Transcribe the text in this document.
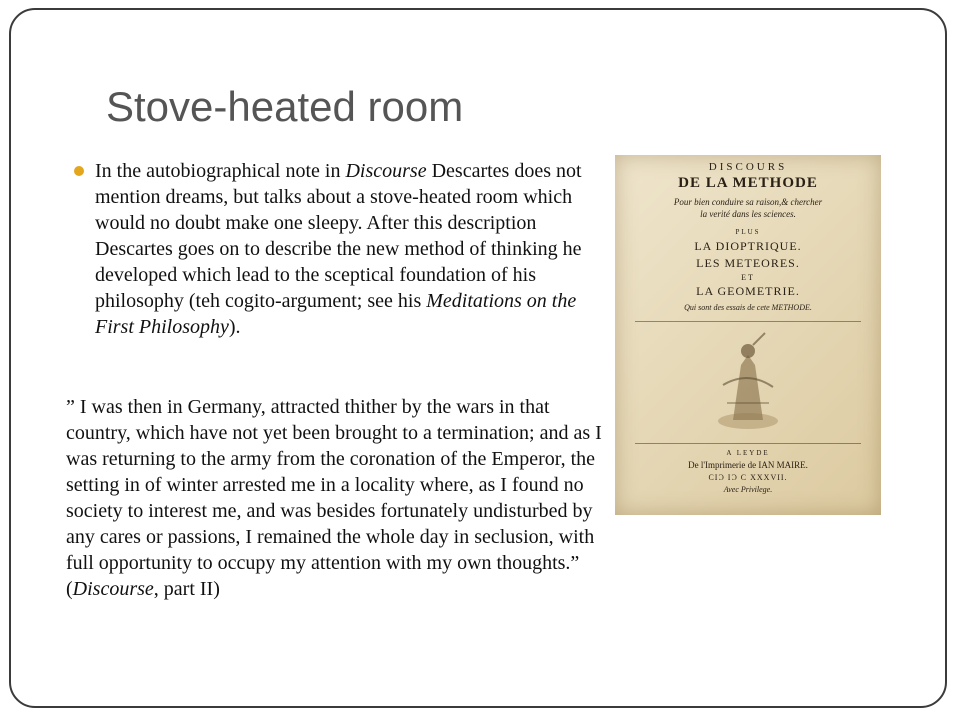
Stove-heated room
In the autobiographical note in Discourse Descartes does not mention dreams, but talks about a stove-heated room which would no doubt make one sleepy. After this description Descartes goes on to describe the new method of thinking he developed which lead to the sceptical foundation of his philosophy (teh cogito-argument; see his Meditations on the First Philosophy).
” I was then in Germany, attracted thither by the wars in that country, which have not yet been brought to a termination; and as I was returning to the army from the coronation of the Emperor, the setting in of winter arrested me in a locality where, as I found no society to interest me, and was besides fortunately undisturbed by any cares or passions, I remained the whole day in seclusion, with full opportunity to occupy my attention with my own thoughts.”
(Discourse, part II)
DISCOURS
DE LA METHODE
Pour bien conduire sa raison,& chercher
la verité dans les sciences.
PLUS
LA DIOPTRIQUE.
LES METEORES.
ET
LA GEOMETRIE.
Qui sont des essais de cete METHODE.
A LEYDE
De l'Imprimerie de IAN MAIRE.
CIƆ IƆ C XXXVII.
Avec Privilege.
